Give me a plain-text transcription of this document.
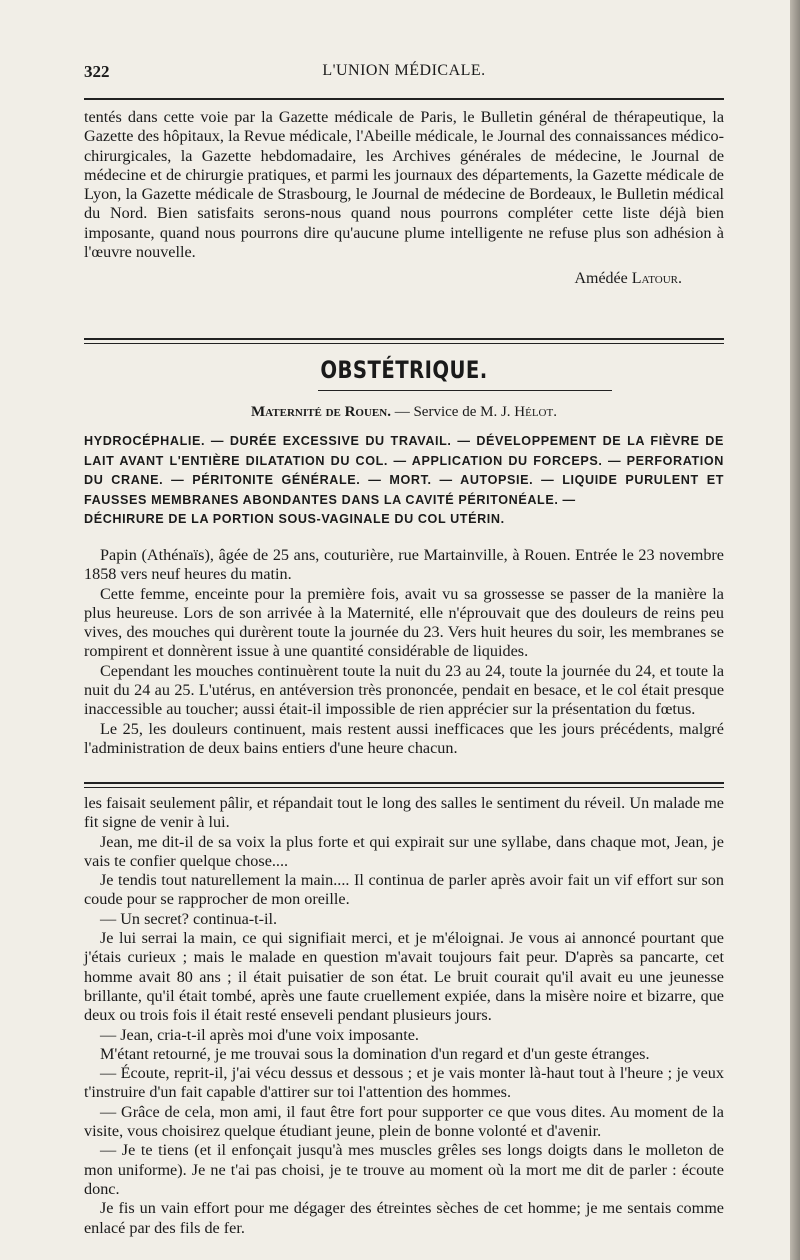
322	L'UNION MÉDICALE.

tentés dans cette voie par la Gazette médicale de Paris, le Bulletin général de thérapeutique, la Gazette des hôpitaux, la Revue médicale, l'Abeille médicale, le Journal des connaissances médico-chirurgicales, la Gazette hebdomadaire, les Archives générales de médecine, le Journal de médecine et de chirurgie pratiques, et parmi les journaux des départements, la Gazette médicale de Lyon, la Gazette médicale de Strasbourg, le Journal de médecine de Bordeaux, le Bulletin médical du Nord. Bien satisfaits serons-nous quand nous pourrons compléter cette liste déjà bien imposante, quand nous pourrons dire qu'aucune plume intelligente ne refuse plus son adhésion à l'œuvre nouvelle.

Amédée Latour.
OBSTÉTRIQUE.
Maternité de Rouen. — Service de M. J. Hélot.

HYDROCÉPHALIE. — DURÉE EXCESSIVE DU TRAVAIL. — DÉVELOPPEMENT DE LA FIÈVRE DE LAIT AVANT L'ENTIÈRE DILATATION DU COL. — APPLICATION DU FORCEPS. — PERFORATION DU CRANE. — PÉRITONITE GÉNÉRALE. — MORT. — AUTOPSIE. — LIQUIDE PURULENT ET FAUSSES MEMBRANES ABONDANTES DANS LA CAVITÉ PÉRITONÉALE. —

DÉCHIRURE DE LA PORTION SOUS-VAGINALE DU COL UTÉRIN.

Papin (Athénaïs), âgée de 25 ans, couturière, rue Martainville, à Rouen. Entrée le 23 novembre 1858 vers neuf heures du matin.

Cette femme, enceinte pour la première fois, avait vu sa grossesse se passer de la manière la plus heureuse. Lors de son arrivée à la Maternité, elle n'éprouvait que des douleurs de reins peu vives, des mouches qui durèrent toute la journée du 23. Vers huit heures du soir, les membranes se rompirent et donnèrent issue à une quantité considérable de liquides.

Cependant les mouches continuèrent toute la nuit du 23 au 24, toute la journée du 24, et toute la nuit du 24 au 25. L'utérus, en antéversion très prononcée, pendait en besace, et le col était presque inaccessible au toucher; aussi était-il impossible de rien apprécier sur la présentation du fœtus.

Le 25, les douleurs continuent, mais restent aussi inefficaces que les jours précédents, malgré l'administration de deux bains entiers d'une heure chacun.

les faisait seulement pâlir, et répandait tout le long des salles le sentiment du réveil. Un malade me fit signe de venir à lui.

Jean, me dit-il de sa voix la plus forte et qui expirait sur une syllabe, dans chaque mot, Jean, je vais te confier quelque chose....

Je tendis tout naturellement la main.... Il continua de parler après avoir fait un vif effort sur son coude pour se rapprocher de mon oreille.

— Un secret? continua-t-il.

Je lui serrai la main, ce qui signifiait merci, et je m'éloignai. Je vous ai annoncé pourtant que j'étais curieux ; mais le malade en question m'avait toujours fait peur. D'après sa pancarte, cet homme avait 80 ans ; il était puisatier de son état. Le bruit courait qu'il avait eu une jeunesse brillante, qu'il était tombé, après une faute cruellement expiée, dans la misère noire et bizarre, que deux ou trois fois il était resté enseveli pendant plusieurs jours.

— Jean, cria-t-il après moi d'une voix imposante.

M'étant retourné, je me trouvai sous la domination d'un regard et d'un geste étranges.

— Écoute, reprit-il, j'ai vécu dessus et dessous ; et je vais monter là-haut tout à l'heure ; je veux t'instruire d'un fait capable d'attirer sur toi l'attention des hommes.

— Grâce de cela, mon ami, il faut être fort pour supporter ce que vous dites. Au moment de la visite, vous choisirez quelque étudiant jeune, plein de bonne volonté et d'avenir.

— Je te tiens (et il enfonçait jusqu'à mes muscles grêles ses longs doigts dans le molleton de mon uniforme). Je ne t'ai pas choisi, je te trouve au moment où la mort me dit de parler : écoute donc.

Je fis un vain effort pour me dégager des étreintes sèches de cet homme; je me sentais comme enlacé par des fils de fer.
